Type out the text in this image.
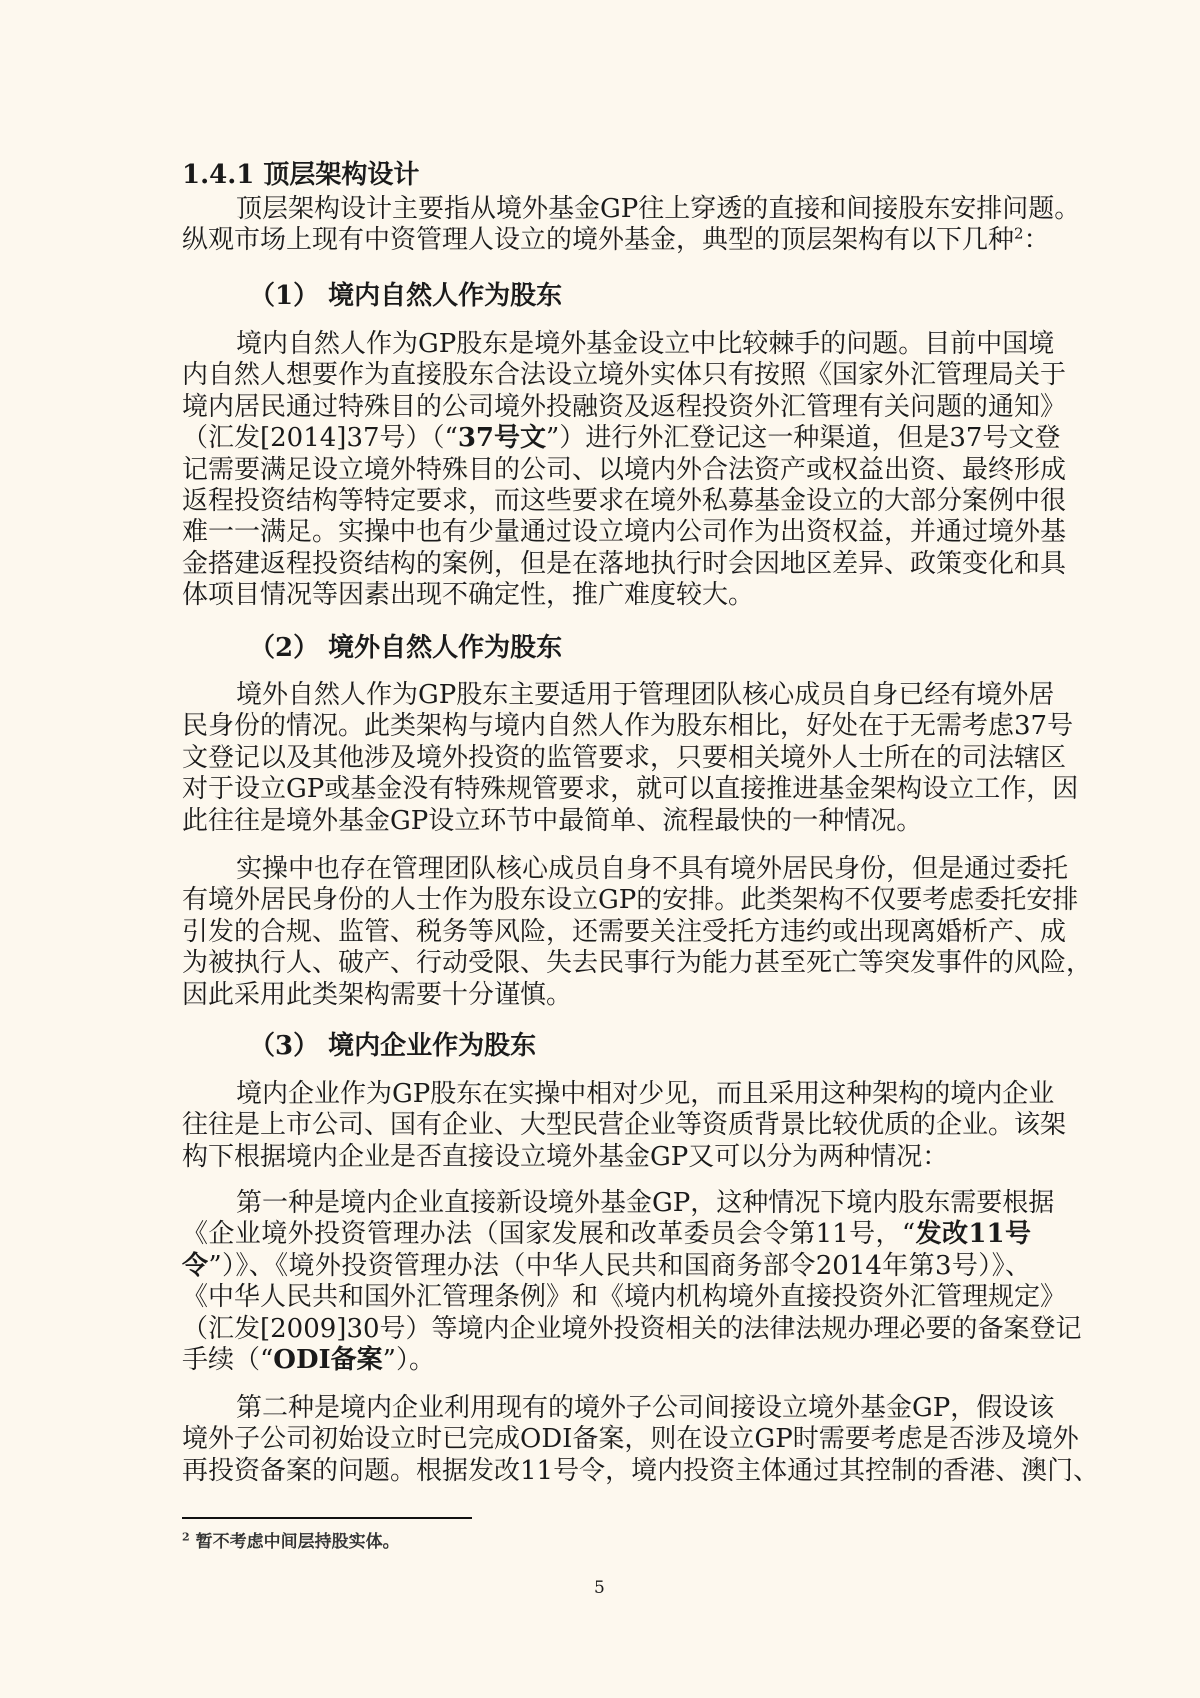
1.4.1 顶层架构设计
顶层架构设计主要指从境外基金GP往上穿透的直接和间接股东安排问题。
纵观市场上现有中资管理人设立的境外基金，典型的顶层架构有以下几种$^2$：
（1） 境内自然人作为股东
境内自然人作为GP股东是境外基金设立中比较棘手的问题。目前中国境
内自然人想要作为直接股东合法设立境外实体只有按照《国家外汇管理局关于
境内居民通过特殊目的公司境外投融资及返程投资外汇管理有关问题的通知》
（汇发[2014]37号）（“37号文”）进行外汇登记这一种渠道，但是37号文登
记需要满足设立境外特殊目的公司、以境内外合法资产或权益出资、最终形成
返程投资结构等特定要求，而这些要求在境外私募基金设立的大部分案例中很
难一一满足。实操中也有少量通过设立境内公司作为出资权益，并通过境外基
金搭建返程投资结构的案例，但是在落地执行时会因地区差异、政策变化和具
体项目情况等因素出现不确定性，推广难度较大。
（2） 境外自然人作为股东
境外自然人作为GP股东主要适用于管理团队核心成员自身已经有境外居
民身份的情况。此类架构与境内自然人作为股东相比，好处在于无需考虑37号
文登记以及其他涉及境外投资的监管要求，只要相关境外人士所在的司法辖区
对于设立GP或基金没有特殊规管要求，就可以直接推进基金架构设立工作，因
此往往是境外基金GP设立环节中最简单、流程最快的一种情况。
实操中也存在管理团队核心成员自身不具有境外居民身份，但是通过委托
有境外居民身份的人士作为股东设立GP的安排。此类架构不仅要考虑委托安排
引发的合规、监管、税务等风险，还需要关注受托方违约或出现离婚析产、成
为被执行人、破产、行动受限、失去民事行为能力甚至死亡等突发事件的风险，
因此采用此类架构需要十分谨慎。
（3） 境内企业作为股东
境内企业作为GP股东在实操中相对少见，而且采用这种架构的境内企业
往往是上市公司、国有企业、大型民营企业等资质背景比较优质的企业。该架
构下根据境内企业是否直接设立境外基金GP又可以分为两种情况：
第一种是境内企业直接新设境外基金GP，这种情况下境内股东需要根据
《企业境外投资管理办法（国家发展和改革委员会令第11号，“发改11号
令”）》、《境外投资管理办法（中华人民共和国商务部令2014年第3号）》、
《中华人民共和国外汇管理条例》和《境内机构境外直接投资外汇管理规定》
（汇发[2009]30号）等境内企业境外投资相关的法律法规办理必要的备案登记
手续（“ODI备案”）。
第二种是境内企业利用现有的境外子公司间接设立境外基金GP，假设该
境外子公司初始设立时已完成ODI备案，则在设立GP时需要考虑是否涉及境外
再投资备案的问题。根据发改11号令，境内投资主体通过其控制的香港、澳门、
$^2$ 暂不考虑中间层持股实体。
5
